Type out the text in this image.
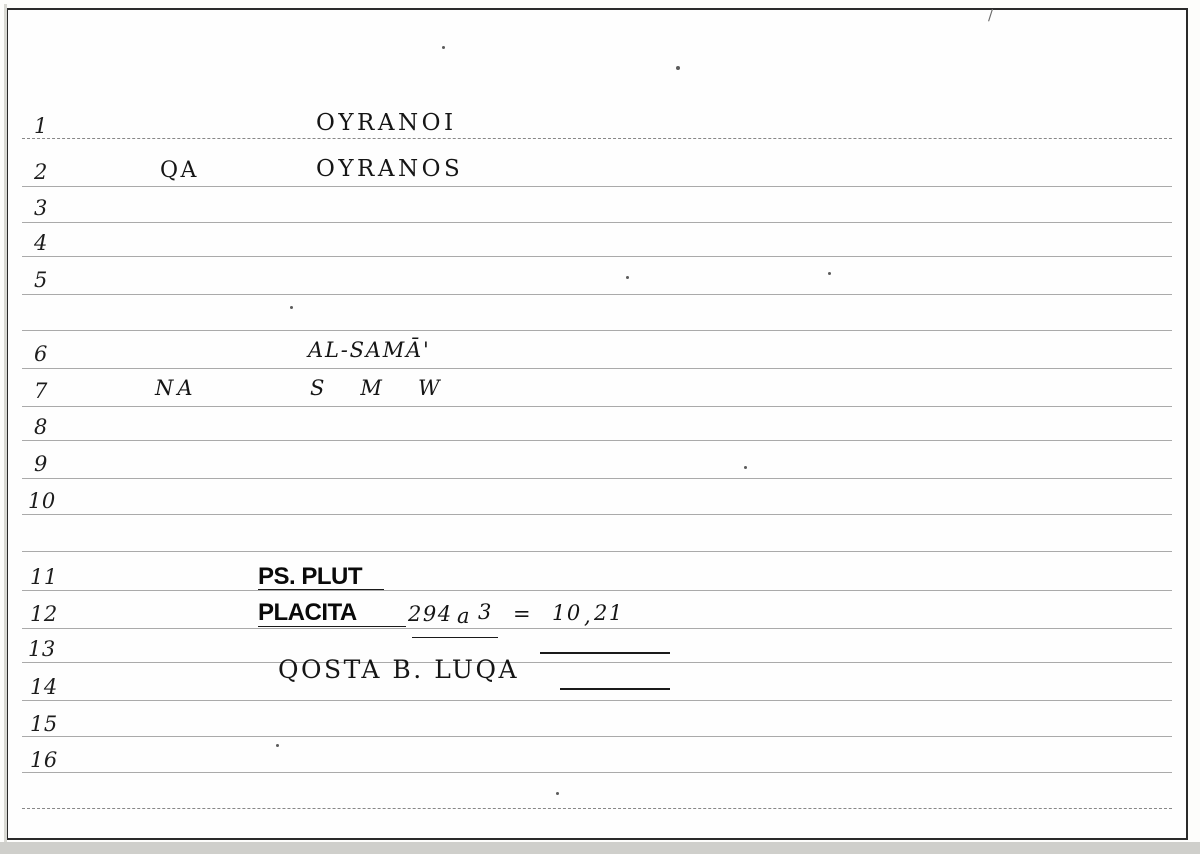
1
2
3
4
5
6
7
8
9
10
11
12
13
14
15
16
OYRANOI
QA	OYRANOS
AL-SAMĀ'
NA	S   M   W
PS. PLUT
PLACITA 294 a 3 = 10 , 21
QOSTA B. LUQA
/
